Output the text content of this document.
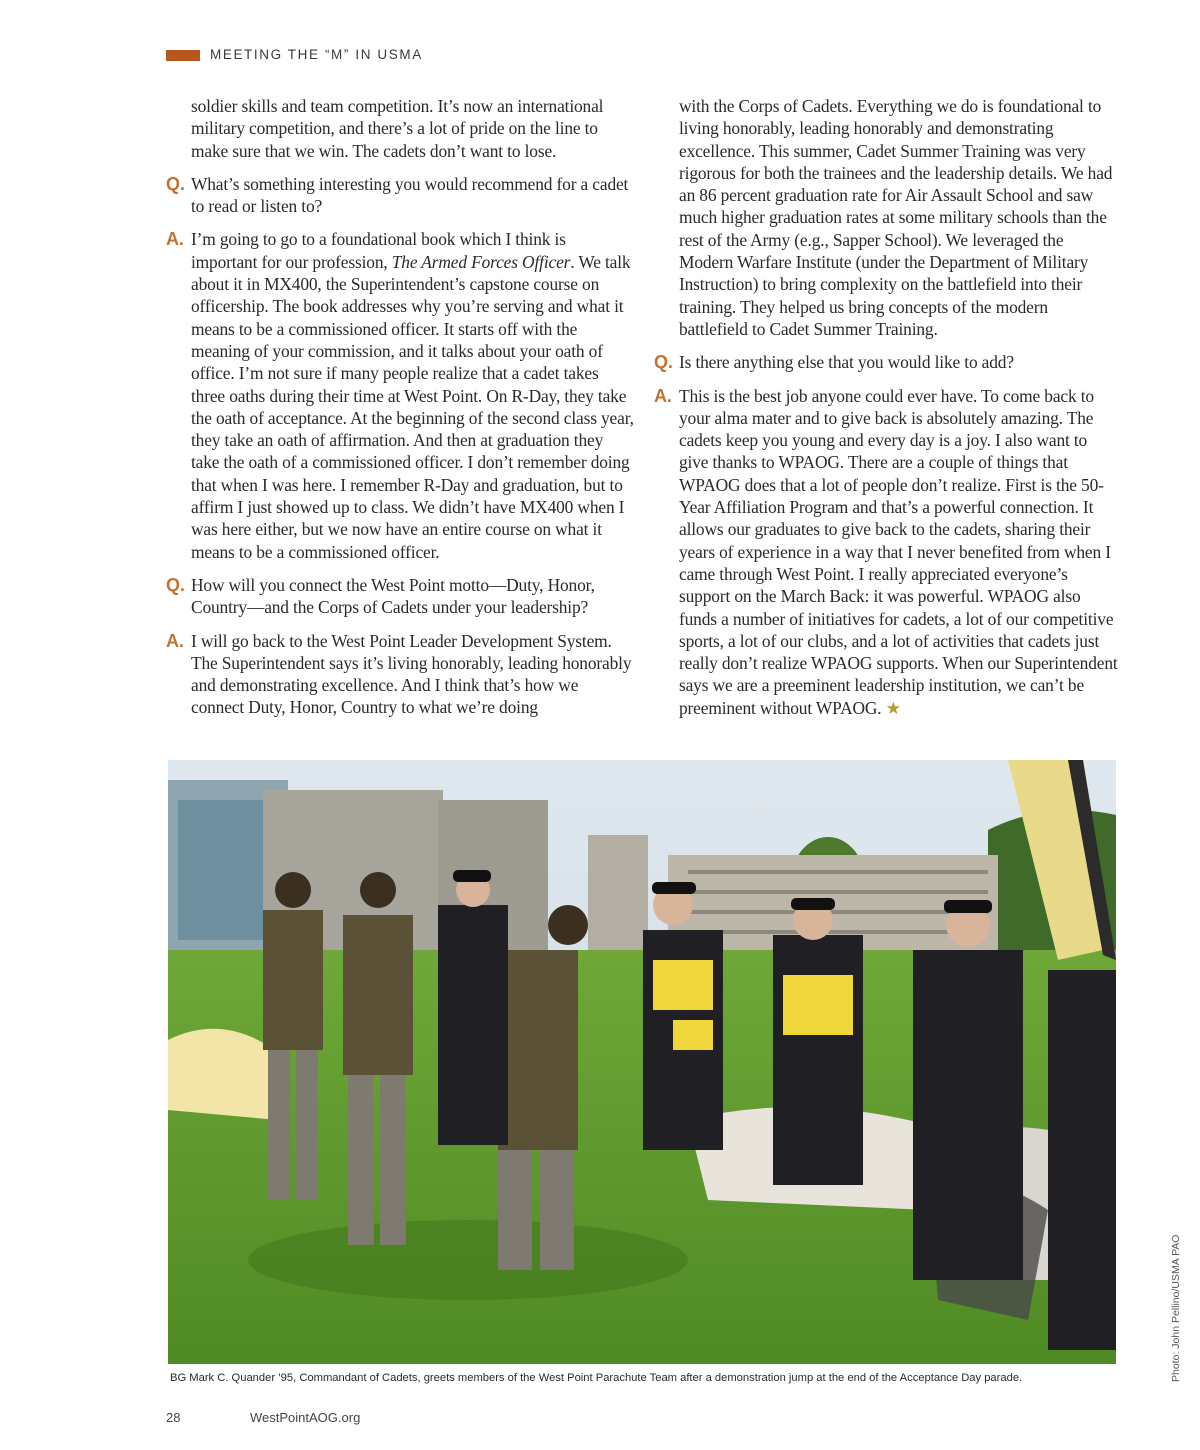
MEETING THE “M” IN USMA

soldier skills and team competition. It’s now an international military competition, and there’s a lot of pride on the line to make sure that we win. The cadets don’t want to lose.

Q. What’s something interesting you would recommend for a cadet to read or listen to?

A. I’m going to go to a foundational book which I think is important for our profession, The Armed Forces Officer. We talk about it in MX400, the Superintendent’s capstone course on officership. The book addresses why you’re serving and what it means to be a commissioned officer. It starts off with the meaning of your commission, and it talks about your oath of office. I’m not sure if many people realize that a cadet takes three oaths during their time at West Point. On R-Day, they take the oath of acceptance. At the beginning of the second class year, they take an oath of affirmation. And then at graduation they take the oath of a commissioned officer. I don’t remember doing that when I was here. I remember R-Day and graduation, but to affirm I just showed up to class. We didn’t have MX400 when I was here either, but we now have an entire course on what it means to be a commissioned officer.

Q. How will you connect the West Point motto—Duty, Honor, Country—and the Corps of Cadets under your leadership?

A. I will go back to the West Point Leader Development System. The Superintendent says it’s living honorably, leading honorably and demonstrating excellence. And I think that’s how we connect Duty, Honor, Country to what we’re doing

with the Corps of Cadets. Everything we do is foundational to living honorably, leading honorably and demonstrating excellence. This summer, Cadet Summer Training was very rigorous for both the trainees and the leadership details. We had an 86 percent graduation rate for Air Assault School and saw much higher graduation rates at some military schools than the rest of the Army (e.g., Sapper School). We leveraged the Modern Warfare Institute (under the Department of Military Instruction) to bring complexity on the battlefield into their training. They helped us bring concepts of the modern battlefield to Cadet Summer Training.

Q. Is there anything else that you would like to add?

A. This is the best job anyone could ever have. To come back to your alma mater and to give back is absolutely amazing. The cadets keep you young and every day is a joy. I also want to give thanks to WPAOG. There are a couple of things that WPAOG does that a lot of people don’t realize. First is the 50-Year Affiliation Program and that’s a powerful connection. It allows our graduates to give back to the cadets, sharing their years of experience in a way that I never benefited from when I came through West Point. I really appreciated everyone’s support on the March Back: it was powerful. WPAOG also funds a number of initiatives for cadets, a lot of our competitive sports, a lot of our clubs, and a lot of activities that cadets just really don’t realize WPAOG supports. When our Superintendent says we are a preeminent leadership institution, we can’t be preeminent without WPAOG. ★

Photo: John Pellino/USMA PAO
BG Mark C. Quander ’95, Commandant of Cadets, greets members of the West Point Parachute Team after a demonstration jump at the end of the Acceptance Day parade.
28	WestPointAOG.org
